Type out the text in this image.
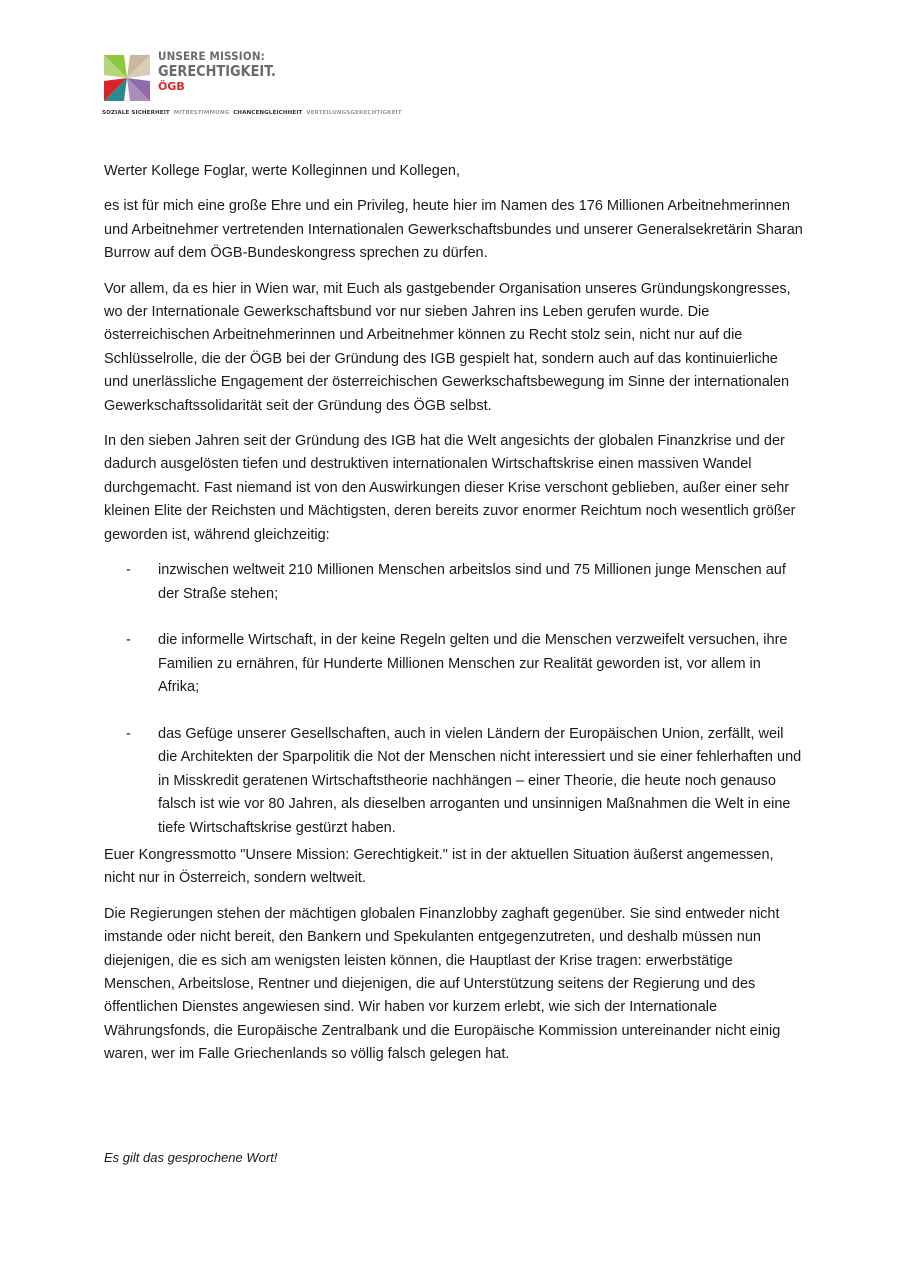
UNSERE MISSION:
GERECHTIGKEIT.
ÖGB
SOZIALE SICHERHEIT MITBESTIMMUNG CHANCENGLEICHHEIT VERTEILUNGSGERECHTIGKEIT

Werter Kollege Foglar, werte Kolleginnen und Kollegen,

es ist für mich eine große Ehre und ein Privileg, heute hier im Namen des 176 Millionen Arbeitnehmerinnen und Arbeitnehmer vertretenden Internationalen Gewerkschaftsbundes und unserer Generalsekretärin Sharan Burrow auf dem ÖGB-Bundeskongress sprechen zu dürfen.

Vor allem, da es hier in Wien war, mit Euch als gastgebender Organisation unseres Gründungskongresses, wo der Internationale Gewerkschaftsbund vor nur sieben Jahren ins Leben gerufen wurde. Die österreichischen Arbeitnehmerinnen und Arbeitnehmer können zu Recht stolz sein, nicht nur auf die Schlüsselrolle, die der ÖGB bei der Gründung des IGB gespielt hat, sondern auch auf das kontinuierliche und unerlässliche Engagement der österreichischen Gewerkschaftsbewegung im Sinne der internationalen Gewerkschaftssolidarität seit der Gründung des ÖGB selbst.

In den sieben Jahren seit der Gründung des IGB hat die Welt angesichts der globalen Finanzkrise und der dadurch ausgelösten tiefen und destruktiven internationalen Wirtschaftskrise einen massiven Wandel durchgemacht. Fast niemand ist von den Auswirkungen dieser Krise verschont geblieben, außer einer sehr kleinen Elite der Reichsten und Mächtigsten, deren bereits zuvor enormer Reichtum noch wesentlich größer geworden ist, während gleichzeitig:

- inzwischen weltweit 210 Millionen Menschen arbeitslos sind und 75 Millionen junge Menschen auf der Straße stehen;
- die informelle Wirtschaft, in der keine Regeln gelten und die Menschen verzweifelt versuchen, ihre Familien zu ernähren, für Hunderte Millionen Menschen zur Realität geworden ist, vor allem in Afrika;
- das Gefüge unserer Gesellschaften, auch in vielen Ländern der Europäischen Union, zerfällt, weil die Architekten der Sparpolitik die Not der Menschen nicht interessiert und sie einer fehlerhaften und in Misskredit geratenen Wirtschaftstheorie nachhängen – einer Theorie, die heute noch genauso falsch ist wie vor 80 Jahren, als dieselben arroganten und unsinnigen Maßnahmen die Welt in eine tiefe Wirtschaftskrise gestürzt haben.

Euer Kongressmotto "Unsere Mission: Gerechtigkeit." ist in der aktuellen Situation äußerst angemessen, nicht nur in Österreich, sondern weltweit.

Die Regierungen stehen der mächtigen globalen Finanzlobby zaghaft gegenüber. Sie sind entweder nicht imstande oder nicht bereit, den Bankern und Spekulanten entgegenzutreten, und deshalb müssen nun diejenigen, die es sich am wenigsten leisten können, die Hauptlast der Krise tragen: erwerbstätige Menschen, Arbeitslose, Rentner und diejenigen, die auf Unterstützung seitens der Regierung und des öffentlichen Dienstes angewiesen sind. Wir haben vor kurzem erlebt, wie sich der Internationale Währungsfonds, die Europäische Zentralbank und die Europäische Kommission untereinander nicht einig waren, wer im Falle Griechenlands so völlig falsch gelegen hat.

Es gilt das gesprochene Wort!
